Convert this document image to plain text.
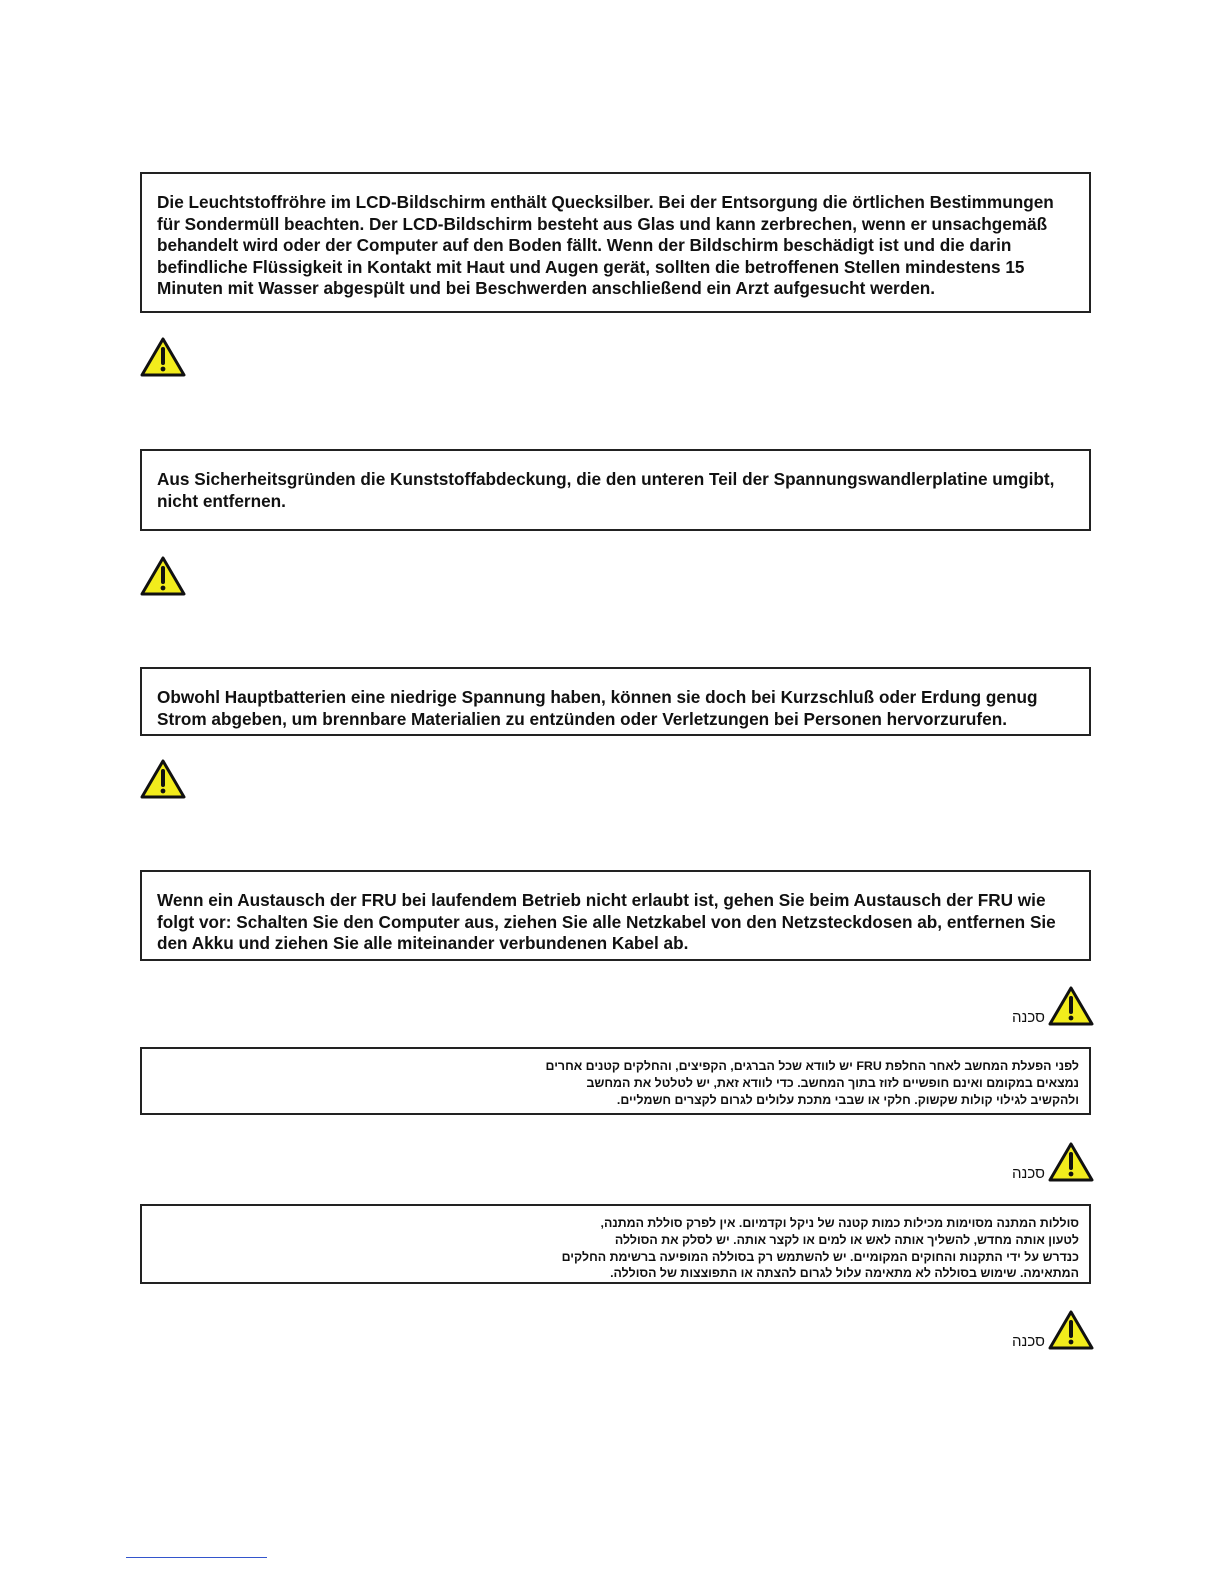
Die Leuchtstoffröhre im LCD-Bildschirm enthält Quecksilber. Bei der Entsorgung die örtlichen Bestimmungen für Sondermüll beachten. Der LCD-Bildschirm besteht aus Glas und kann zerbrechen, wenn er unsachgemäß behandelt wird oder der Computer auf den Boden fällt. Wenn der Bildschirm beschädigt ist und die darin befindliche Flüssigkeit in Kontakt mit Haut und Augen gerät, sollten die betroffenen Stellen mindestens 15 Minuten mit Wasser abgespült und bei Beschwerden anschließend ein Arzt aufgesucht werden.

Aus Sicherheitsgründen die Kunststoffabdeckung, die den unteren Teil der Spannungswandlerplatine umgibt, nicht entfernen.

Obwohl Hauptbatterien eine niedrige Spannung haben, können sie doch bei Kurzschluß oder Erdung genug Strom abgeben, um brennbare Materialien zu entzünden oder Verletzungen bei Personen hervorzurufen.

Wenn ein Austausch der FRU bei laufendem Betrieb nicht erlaubt ist, gehen Sie beim Austausch der FRU wie folgt vor: Schalten Sie den Computer aus, ziehen Sie alle Netzkabel von den Netzsteckdosen ab, entfernen Sie den Akku und ziehen Sie alle miteinander verbundenen Kabel ab.

סכנה

לפני הפעלת המחשב לאחר החלפת FRU יש לוודא שכל הברגים, הקפיצים, והחלקים קטנים אחרים

נמצאים במקומם ואינם חופשיים לזוז בתוך המחשב. כדי לוודא זאת, יש לטלטל את המחשב

ולהקשיב לגילוי קולות שקשוק. חלקי או שבבי מתכת עלולים לגרום לקצרים חשמליים.

סכנה

סוללות המתנה מסוימות מכילות כמות קטנה של ניקל וקדמיום. אין לפרק סוללת המתנה,

לטעון אותה מחדש, להשליך אותה לאש או למים או לקצר אותה. יש לסלק את הסוללה

כנדרש על ידי התקנות והחוקים המקומיים. יש להשתמש רק בסוללה המופיעה ברשימת החלקים

המתאימה. שימוש בסוללה לא מתאימה עלול לגרום להצתה או התפוצצות של הסוללה.

סכנה
